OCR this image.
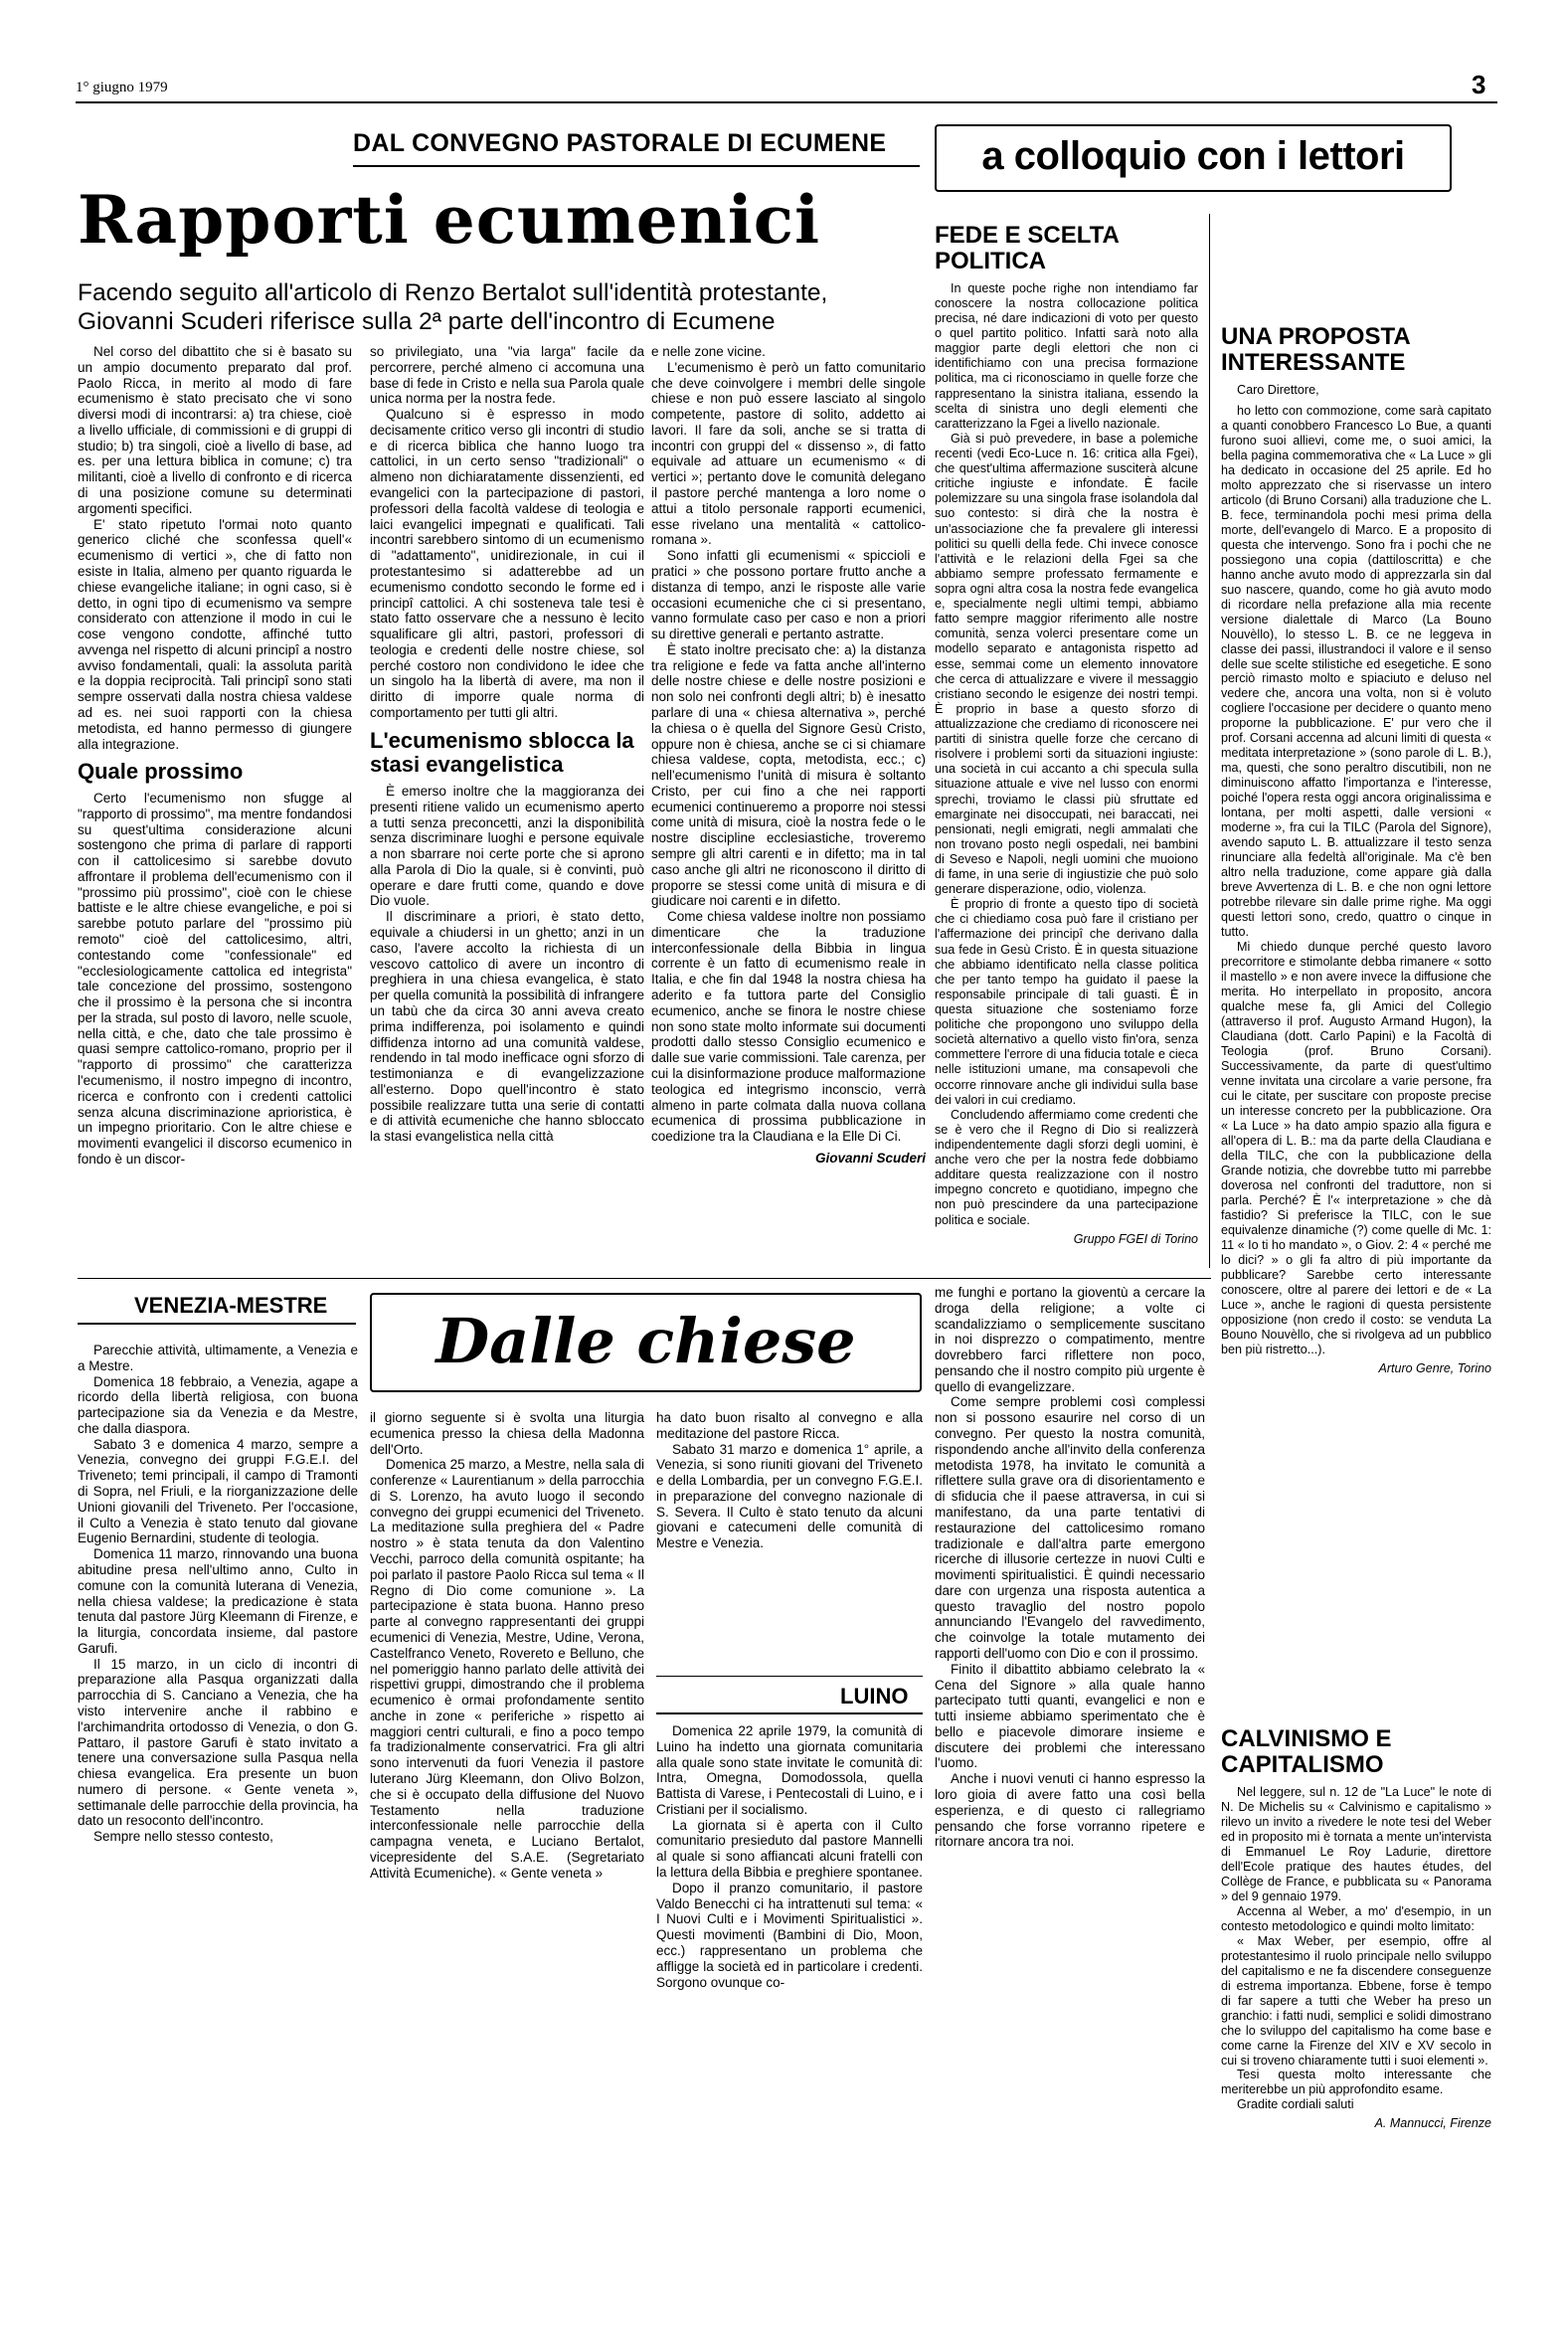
1° giugno 1979	3
DAL CONVEGNO PASTORALE DI ECUMENE	a colloquio con i lettori
Rapporti ecumenici
Facendo seguito all'articolo di Renzo Bertalot sull'identità protestante, Giovanni Scuderi riferisce sulla 2ª parte dell'incontro di Ecumene

Nel corso del dibattito che si è basato su un ampio documento preparato dal prof. Paolo Ricca, in merito al modo di fare ecumenismo è stato precisato che vi sono diversi modi di incontrarsi: a) tra chiese, cioè a livello ufficiale, di commissioni e di gruppi di studio; b) tra singoli, cioè a livello di base, ad es. per una lettura biblica in comune; c) tra militanti, cioè a livello di confronto e di ricerca di una posizione comune su determinati argomenti specifici.

E' stato ripetuto l'ormai noto quanto generico cliché che sconfessa quell'« ecumenismo di vertici », che di fatto non esiste in Italia, almeno per quanto riguarda le chiese evangeliche italiane; in ogni caso, si è detto, in ogni tipo di ecumenismo va sempre considerato con attenzione il modo in cui le cose vengono condotte, affinché tutto avvenga nel rispetto di alcuni principî a nostro avviso fondamentali, quali: la assoluta parità e la doppia reciprocità. Tali principî sono stati sempre osservati dalla nostra chiesa valdese ad es. nei suoi rapporti con la chiesa metodista, ed hanno permesso di giungere alla integrazione.

Quale prossimo

Certo l'ecumenismo non sfugge al "rapporto di prossimo", ma mentre fondandosi su quest'ultima considerazione alcuni sostengono che prima di parlare di rapporti con il cattolicesimo si sarebbe dovuto affrontare il problema dell'ecumenismo con il "prossimo più prossimo", cioè con le chiese battiste e le altre chiese evangeliche, e poi si sarebbe potuto parlare del "prossimo più remoto" cioè del cattolicesimo, altri, contestando come "confessionale" ed "ecclesiologicamente cattolica ed integrista" tale concezione del prossimo, sostengono che il prossimo è la persona che si incontra per la strada, sul posto di lavoro, nelle scuole, nella città, e che, dato che tale prossimo è quasi sempre cattolico-romano, proprio per il "rapporto di prossimo" che caratterizza l'ecumenismo, il nostro impegno di incontro, ricerca e confronto con i credenti cattolici senza alcuna discriminazione aprioristica, è un impegno prioritario. Con le altre chiese e movimenti evangelici il discorso ecumenico in fondo è un discor-

so privilegiato, una "via larga" facile da percorrere, perché almeno ci accomuna una base di fede in Cristo e nella sua Parola quale unica norma per la nostra fede.

Qualcuno si è espresso in modo decisamente critico verso gli incontri di studio e di ricerca biblica che hanno luogo tra cattolici, in un certo senso "tradizionali" o almeno non dichiaratamente dissenzienti, ed evangelici con la partecipazione di pastori, professori della facoltà valdese di teologia e laici evangelici impegnati e qualificati. Tali incontri sarebbero sintomo di un ecumenismo di "adattamento", unidirezionale, in cui il protestantesimo si adatterebbe ad un ecumenismo condotto secondo le forme ed i principî cattolici. A chi sosteneva tale tesi è stato fatto osservare che a nessuno è lecito squalificare gli altri, pastori, professori di teologia e credenti delle nostre chiese, sol perché costoro non condividono le idee che un singolo ha la libertà di avere, ma non il diritto di imporre quale norma di comportamento per tutti gli altri.

L'ecumenismo sblocca la stasi evangelistica

È emerso inoltre che la maggioranza dei presenti ritiene valido un ecumenismo aperto a tutti senza preconcetti, anzi la disponibilità senza discriminare luoghi e persone equivale a non sbarrare noi certe porte che si aprono alla Parola di Dio la quale, si è convinti, può operare e dare frutti come, quando e dove Dio vuole.

Il discriminare a priori, è stato detto, equivale a chiudersi in un ghetto; anzi in un caso, l'avere accolto la richiesta di un vescovo cattolico di avere un incontro di preghiera in una chiesa evangelica, è stato per quella comunità la possibilità di infrangere un tabù che da circa 30 anni aveva creato prima indifferenza, poi isolamento e quindi diffidenza intorno ad una comunità valdese, rendendo in tal modo inefficace ogni sforzo di testimonianza e di evangelizzazione all'esterno. Dopo quell'incontro è stato possibile realizzare tutta una serie di contatti e di attività ecumeniche che hanno sbloccato la stasi evangelistica nella città

e nelle zone vicine.

L'ecumenismo è però un fatto comunitario che deve coinvolgere i membri delle singole chiese e non può essere lasciato al singolo competente, pastore di solito, addetto ai lavori. Il fare da soli, anche se si tratta di incontri con gruppi del « dissenso », di fatto equivale ad attuare un ecumenismo « di vertici »; pertanto dove le comunità delegano il pastore perché mantenga a loro nome o attui a titolo personale rapporti ecumenici, esse rivelano una mentalità « cattolico-romana ».

Sono infatti gli ecumenismi « spiccioli e pratici » che possono portare frutto anche a distanza di tempo, anzi le risposte alle varie occasioni ecumeniche che ci si presentano, vanno formulate caso per caso e non a priori su direttive generali e pertanto astratte.

È stato inoltre precisato che: a) la distanza tra religione e fede va fatta anche all'interno delle nostre chiese e delle nostre posizioni e non solo nei confronti degli altri; b) è inesatto parlare di una « chiesa alternativa », perché la chiesa o è quella del Signore Gesù Cristo, oppure non è chiesa, anche se ci si chiamare chiesa valdese, copta, metodista, ecc.; c) nell'ecumenismo l'unità di misura è soltanto Cristo, per cui fino a che nei rapporti ecumenici continueremo a proporre noi stessi come unità di misura, cioè la nostra fede o le nostre discipline ecclesiastiche, troveremo sempre gli altri carenti e in difetto; ma in tal caso anche gli altri ne riconoscono il diritto di proporre se stessi come unità di misura e di giudicare noi carenti e in difetto.

Come chiesa valdese inoltre non possiamo dimenticare che la traduzione interconfessionale della Bibbia in lingua corrente è un fatto di ecumenismo reale in Italia, e che fin dal 1948 la nostra chiesa ha aderito e fa tuttora parte del Consiglio ecumenico, anche se finora le nostre chiese non sono state molto informate sui documenti prodotti dallo stesso Consiglio ecumenico e dalle sue varie commissioni. Tale carenza, per cui la disinformazione produce malformazione teologica ed integrismo inconscio, verrà almeno in parte colmata dalla nuova collana ecumenica di prossima pubblicazione in coedizione tra la Claudiana e la Elle Di Ci.

Giovanni Scuderi
FEDE E SCELTA POLITICA

In queste poche righe non intendiamo far conoscere la nostra collocazione politica precisa, né dare indicazioni di voto per questo o quel partito politico. Infatti sarà noto alla maggior parte degli elettori che non ci identifichiamo con una precisa formazione politica, ma ci riconosciamo in quelle forze che rappresentano la sinistra italiana, essendo la scelta di sinistra uno degli elementi che caratterizzano la Fgei a livello nazionale.

Già si può prevedere, in base a polemiche recenti (vedi Eco-Luce n. 16: critica alla Fgei), che quest'ultima affermazione susciterà alcune critiche ingiuste e infondate. È facile polemizzare su una singola frase isolandola dal suo contesto: si dirà che la nostra è un'associazione che fa prevalere gli interessi politici su quelli della fede. Chi invece conosce l'attività e le relazioni della Fgei sa che abbiamo sempre professato fermamente e sopra ogni altra cosa la nostra fede evangelica e, specialmente negli ultimi tempi, abbiamo fatto sempre maggior riferimento alle nostre comunità, senza volerci presentare come un modello separato e antagonista rispetto ad esse, semmai come un elemento innovatore che cerca di attualizzare e vivere il messaggio cristiano secondo le esigenze dei nostri tempi. È proprio in base a questo sforzo di attualizzazione che crediamo di riconoscere nei partiti di sinistra quelle forze che cercano di risolvere i problemi sorti da situazioni ingiuste: una società in cui accanto a chi specula sulla situazione attuale e vive nel lusso con enormi sprechi, troviamo le classi più sfruttate ed emarginate nei disoccupati, nei baraccati, nei pensionati, negli emigrati, negli ammalati che non trovano posto negli ospedali, nei bambini di Seveso e Napoli, negli uomini che muoiono di fame, in una serie di ingiustizie che può solo generare disperazione, odio, violenza.

È proprio di fronte a questo tipo di società che ci chiediamo cosa può fare il cristiano per l'affermazione dei principî che derivano dalla sua fede in Gesù Cristo. È in questa situazione che abbiamo identificato nella classe politica che per tanto tempo ha guidato il paese la responsabile principale di tali guasti. È in questa situazione che sosteniamo forze politiche che propongono uno sviluppo della società alternativo a quello visto fin'ora, senza commettere l'errore di una fiducia totale e cieca nelle istituzioni umane, ma consapevoli che occorre rinnovare anche gli individui sulla base dei valori in cui crediamo.

Concludendo affermiamo come credenti che se è vero che il Regno di Dio si realizzerà indipendentemente dagli sforzi degli uomini, è anche vero che per la nostra fede dobbiamo additare questa realizzazione con il nostro impegno concreto e quotidiano, impegno che non può prescindere da una partecipazione politica e sociale.

Gruppo FGEI di Torino
UNA PROPOSTA INTERESSANTE

Caro Direttore,

ho letto con commozione, come sarà capitato a quanti conobbero Francesco Lo Bue, a quanti furono suoi allievi, come me, o suoi amici, la bella pagina commemorativa che « La Luce » gli ha dedicato in occasione del 25 aprile. Ed ho molto apprezzato che si riservasse un intero articolo (di Bruno Corsani) alla traduzione che L. B. fece, terminandola pochi mesi prima della morte, dell'evangelo di Marco. E a proposito di questa che intervengo. Sono fra i pochi che ne possiegono una copia (dattiloscritta) e che hanno anche avuto modo di apprezzarla sin dal suo nascere, quando, come ho già avuto modo di ricordare nella prefazione alla mia recente versione dialettale di Marco (La Bouno Nouvèllo), lo stesso L. B. ce ne leggeva in classe dei passi, illustrandoci il valore e il senso delle sue scelte stilistiche ed esegetiche. E sono perciò rimasto molto e spiaciuto e deluso nel vedere che, ancora una volta, non si è voluto cogliere l'occasione per decidere o quanto meno proporne la pubblicazione. E' pur vero che il prof. Corsani accenna ad alcuni limiti di questa « meditata interpretazione » (sono parole di L. B.), ma, questi, che sono peraltro discutibili, non ne diminuiscono affatto l'importanza e l'interesse, poiché l'opera resta oggi ancora originalissima e lontana, per molti aspetti, dalle versioni « moderne », fra cui la TILC (Parola del Signore), avendo saputo L. B. attualizzare il testo senza rinunciare alla fedeltà all'originale. Ma c'è ben altro nella traduzione, come appare già dalla breve Avvertenza di L. B. e che non ogni lettore potrebbe rilevare sin dalle prime righe. Ma oggi questi lettori sono, credo, quattro o cinque in tutto.

Mi chiedo dunque perché questo lavoro precorritore e stimolante debba rimanere « sotto il mastello » e non avere invece la diffusione che merita. Ho interpellato in proposito, ancora qualche mese fa, gli Amici del Collegio (attraverso il prof. Augusto Armand Hugon), la Claudiana (dott. Carlo Papini) e la Facoltà di Teologia (prof. Bruno Corsani). Successivamente, da parte di quest'ultimo venne invitata una circolare a varie persone, fra cui le citate, per suscitare con proposte precise un interesse concreto per la pubblicazione. Ora « La Luce » ha dato ampio spazio alla figura e all'opera di L. B.: ma da parte della Claudiana e della TILC, che con la pubblicazione della Grande notizia, che dovrebbe tutto mi parrebbe doverosa nel confronti del traduttore, non si parla. Perché? È l'« interpretazione » che dà fastidio? Si preferisce la TILC, con le sue equivalenze dinamiche (?) come quelle di Mc. 1: 11 « Io ti ho mandato », o Giov. 2: 4 « perché me lo dici? » o gli fa altro di più importante da pubblicare? Sarebbe certo interessante conoscere, oltre al parere dei lettori e de « La Luce », anche le ragioni di questa persistente opposizione (non credo il costo: se venduta La Bouno Nouvèllo, che si rivolgeva ad un pubblico ben più ristretto...).

Arturo Genre, Torino
CALVINISMO E CAPITALISMO

Nel leggere, sul n. 12 de "La Luce" le note di N. De Michelis su « Calvinismo e capitalismo » rilevo un invito a rivedere le note tesi del Weber ed in proposito mi è tornata a mente un'intervista di Emmanuel Le Roy Ladurie, direttore dell'Ecole pratique des hautes études, del Collège de France, e pubblicata su « Panorama » del 9 gennaio 1979.

Accenna al Weber, a mo' d'esempio, in un contesto metodologico e quindi molto limitato:

« Max Weber, per esempio, offre al protestantesimo il ruolo principale nello sviluppo del capitalismo e ne fa discendere conseguenze di estrema importanza. Ebbene, forse è tempo di far sapere a tutti che Weber ha preso un granchio: i fatti nudi, semplici e solidi dimostrano che lo sviluppo del capitalismo ha come base e come carne la Firenze del XIV e XV secolo in cui si troveno chiaramente tutti i suoi elementi ».

Tesi questa molto interessante che meriterebbe un più approfondito esame.

Gradite cordiali saluti

A. Mannucci, Firenze
VENEZIA-MESTRE	Dalle chiese

Parecchie attività, ultimamente, a Venezia e a Mestre.

Domenica 18 febbraio, a Venezia, agape a ricordo della libertà religiosa, con buona partecipazione sia da Venezia e da Mestre, che dalla diaspora.

Sabato 3 e domenica 4 marzo, sempre a Venezia, convegno dei gruppi F.G.E.I. del Triveneto; temi principali, il campo di Tramonti di Sopra, nel Friuli, e la riorganizzazione delle Unioni giovanili del Triveneto. Per l'occasione, il Culto a Venezia è stato tenuto dal giovane Eugenio Bernardini, studente di teologia.

Domenica 11 marzo, rinnovando una buona abitudine presa nell'ultimo anno, Culto in comune con la comunità luterana di Venezia, nella chiesa valdese; la predicazione è stata tenuta dal pastore Jürg Kleemann di Firenze, e la liturgia, concordata insieme, dal pastore Garufi.

Il 15 marzo, in un ciclo di incontri di preparazione alla Pasqua organizzati dalla parrocchia di S. Canciano a Venezia, che ha visto intervenire anche il rabbino e l'archimandrita ortodosso di Venezia, o don G. Pattaro, il pastore Garufi è stato invitato a tenere una conversazione sulla Pasqua nella chiesa evangelica. Era presente un buon numero di persone. « Gente veneta », settimanale delle parrocchie della provincia, ha dato un resoconto dell'incontro.

Sempre nello stesso contesto,

il giorno seguente si è svolta una liturgia ecumenica presso la chiesa della Madonna dell'Orto.

Domenica 25 marzo, a Mestre, nella sala di conferenze « Laurentianum » della parrocchia di S. Lorenzo, ha avuto luogo il secondo convegno dei gruppi ecumenici del Triveneto. La meditazione sulla preghiera del « Padre nostro » è stata tenuta da don Valentino Vecchi, parroco della comunità ospitante; ha poi parlato il pastore Paolo Ricca sul tema « Il Regno di Dio come comunione ». La partecipazione è stata buona. Hanno preso parte al convegno rappresentanti dei gruppi ecumenici di Venezia, Mestre, Udine, Verona, Castelfranco Veneto, Rovereto e Belluno, che nel pomeriggio hanno parlato delle attività dei rispettivi gruppi, dimostrando che il problema ecumenico è ormai profondamente sentito anche in zone « periferiche » rispetto ai maggiori centri culturali, e fino a poco tempo fa tradizionalmente conservatrici. Fra gli altri sono intervenuti da fuori Venezia il pastore luterano Jürg Kleemann, don Olivo Bolzon, che si è occupato della diffusione del Nuovo Testamento nella traduzione interconfessionale nelle parrocchie della campagna veneta, e Luciano Bertalot, vicepresidente del S.A.E. (Segretariato Attività Ecumeniche). « Gente veneta »

ha dato buon risalto al convegno e alla meditazione del pastore Ricca.

Sabato 31 marzo e domenica 1° aprile, a Venezia, si sono riuniti giovani del Triveneto e della Lombardia, per un convegno F.G.E.I. in preparazione del convegno nazionale di S. Severa. Il Culto è stato tenuto da alcuni giovani e catecumeni delle comunità di Mestre e Venezia.

LUINO

Domenica 22 aprile 1979, la comunità di Luino ha indetto una giornata comunitaria alla quale sono state invitate le comunità di: Intra, Omegna, Domodossola, quella Battista di Varese, i Pentecostali di Luino, e i Cristiani per il socialismo.

La giornata si è aperta con il Culto comunitario presieduto dal pastore Mannelli al quale si sono affiancati alcuni fratelli con la lettura della Bibbia e preghiere spontanee.

Dopo il pranzo comunitario, il pastore Valdo Benecchi ci ha intrattenuti sul tema: « I Nuovi Culti e i Movimenti Spiritualistici ». Questi movimenti (Bambini di Dio, Moon, ecc.) rappresentano un problema che affligge la società ed in particolare i credenti. Sorgono ovunque co-

me funghi e portano la gioventù a cercare la droga della religione; a volte ci scandalizziamo o semplicemente suscitano in noi disprezzo o compatimento, mentre dovrebbero farci riflettere non poco, pensando che il nostro compito più urgente è quello di evangelizzare.

Come sempre problemi così complessi non si possono esaurire nel corso di un convegno. Per questo la nostra comunità, rispondendo anche all'invito della conferenza metodista 1978, ha invitato le comunità a riflettere sulla grave ora di disorientamento e di sfiducia che il paese attraversa, in cui si manifestano, da una parte tentativi di restaurazione del cattolicesimo romano tradizionale e dall'altra parte emergono ricerche di illusorie certezze in nuovi Culti e movimenti spiritualistici. È quindi necessario dare con urgenza una risposta autentica a questo travaglio del nostro popolo annunciando l'Evangelo del ravvedimento, che coinvolge la totale mutamento dei rapporti dell'uomo con Dio e con il prossimo.

Finito il dibattito abbiamo celebrato la « Cena del Signore » alla quale hanno partecipato tutti quanti, evangelici e non e tutti insieme abbiamo sperimentato che è bello e piacevole dimorare insieme e discutere dei problemi che interessano l'uomo.

Anche i nuovi venuti ci hanno espresso la loro gioia di avere fatto una così bella esperienza, e di questo ci rallegriamo pensando che forse vorranno ripetere e ritornare ancora tra noi.
